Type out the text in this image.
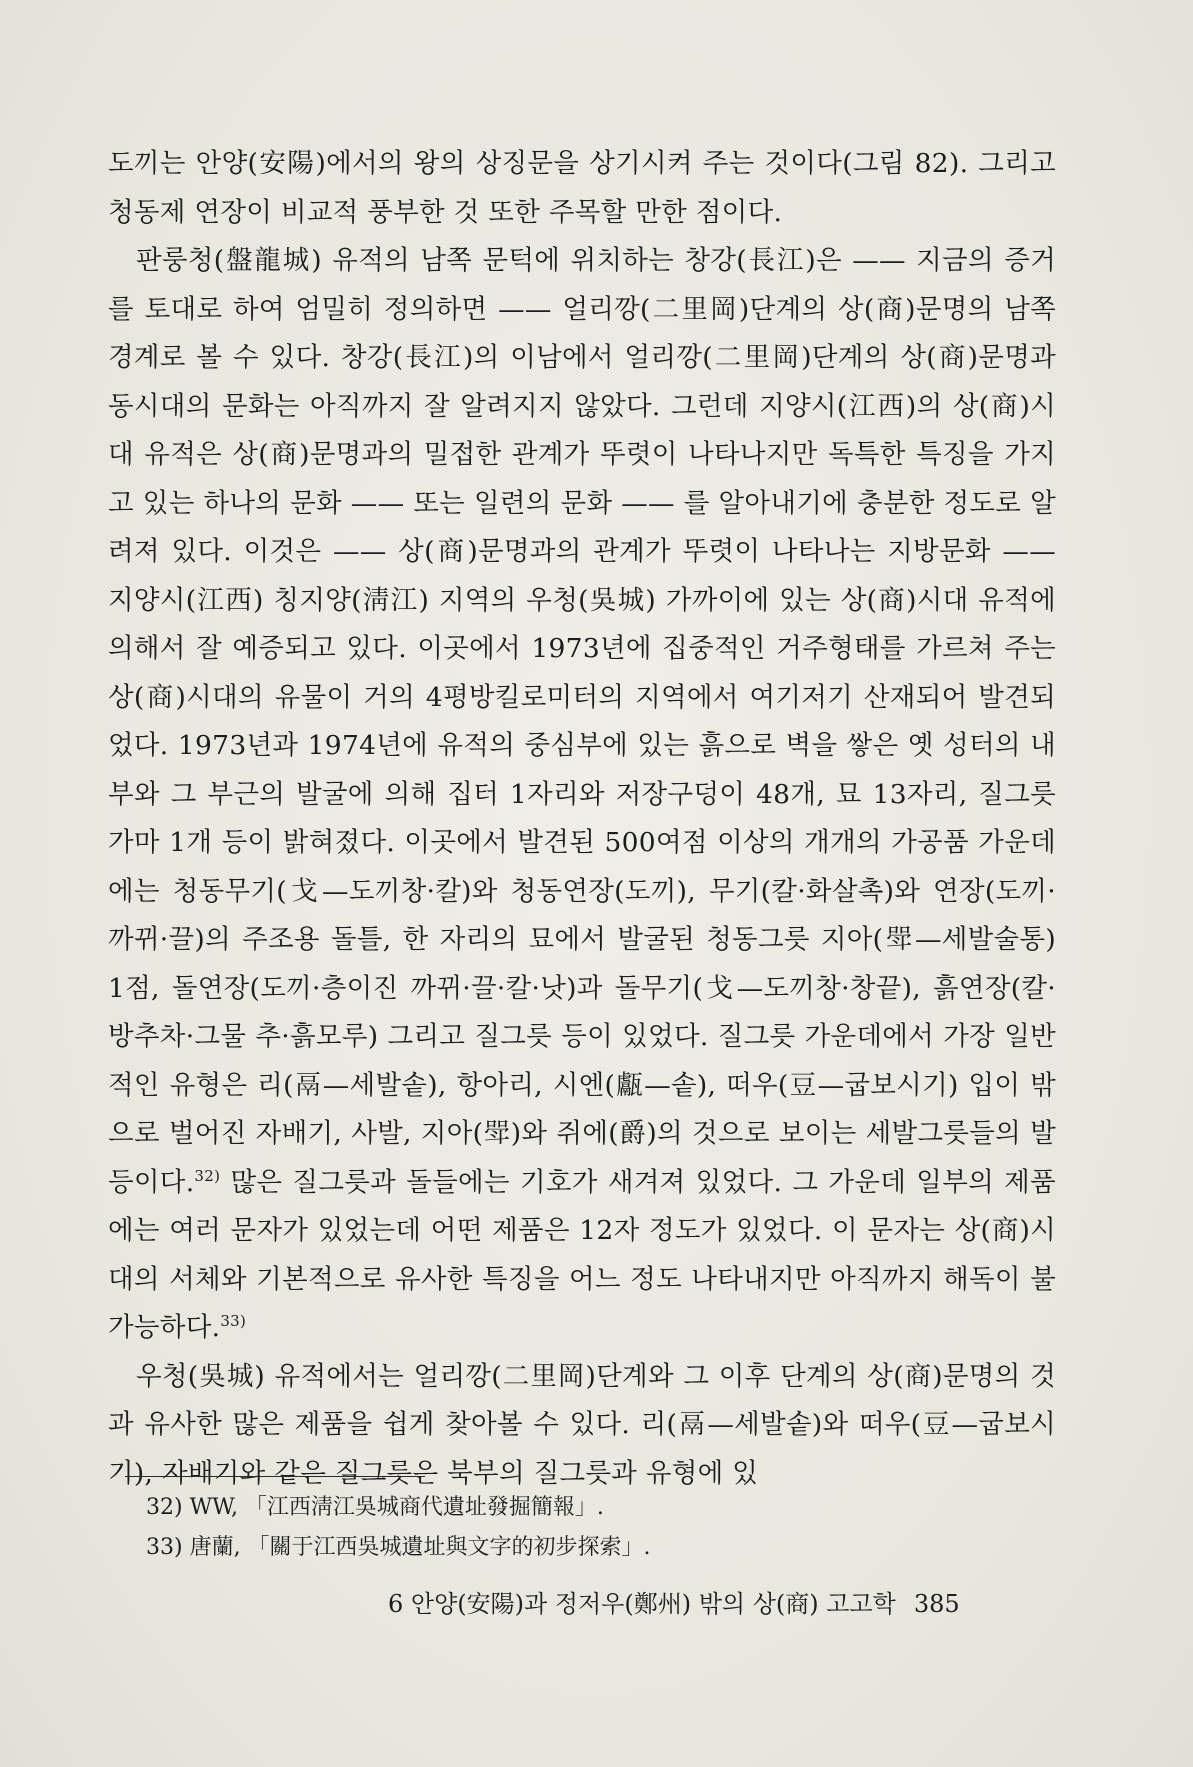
도끼는 안양(安陽)에서의 왕의 상징문을 상기시켜 주는 것이다(그림 82). 그리고 청동제 연장이 비교적 풍부한 것 또한 주목할 만한 점이다.

판룽청(盤龍城) 유적의 남쪽 문턱에 위치하는 창강(長江)은 —— 지금의 증거를 토대로 하여 엄밀히 정의하면 —— 얼리깡(二里岡)단계의 상(商)문명의 남쪽 경계로 볼 수 있다. 창강(長江)의 이남에서 얼리깡(二里岡)단계의 상(商)문명과 동시대의 문화는 아직까지 잘 알려지지 않았다. 그런데 지양시(江西)의 상(商)시대 유적은 상(商)문명과의 밀접한 관계가 뚜렷이 나타나지만 독특한 특징을 가지고 있는 하나의 문화 —— 또는 일련의 문화 —— 를 알아내기에 충분한 정도로 알려져 있다. 이것은 —— 상(商)문명과의 관계가 뚜렷이 나타나는 지방문화 —— 지양시(江西) 칭지양(淸江) 지역의 우청(吳城) 가까이에 있는 상(商)시대 유적에 의해서 잘 예증되고 있다. 이곳에서 1973년에 집중적인 거주형태를 가르쳐 주는 상(商)시대의 유물이 거의 4평방킬로미터의 지역에서 여기저기 산재되어 발견되었다. 1973년과 1974년에 유적의 중심부에 있는 흙으로 벽을 쌓은 옛 성터의 내부와 그 부근의 발굴에 의해 집터 1자리와 저장구덩이 48개, 묘 13자리, 질그릇가마 1개 등이 밝혀졌다. 이곳에서 발견된 500여점 이상의 개개의 가공품 가운데에는 청동무기(戈—도끼창·칼)와 청동연장(도끼), 무기(칼·화살촉)와 연장(도끼·까뀌·끌)의 주조용 돌틀, 한 자리의 묘에서 발굴된 청동그릇 지아(斝—세발술통) 1점, 돌연장(도끼·층이진 까뀌·끌·칼·낫)과 돌무기(戈—도끼창·창끝), 흙연장(칼·방추차·그물 추·흙모루) 그리고 질그릇 등이 있었다. 질그릇 가운데에서 가장 일반적인 유형은 리(鬲—세발솥), 항아리, 시엔(甗—솥), 떠우(豆—굽보시기) 입이 밖으로 벌어진 자배기, 사발, 지아(斝)와 쥐에(爵)의 것으로 보이는 세발그릇들의 발 등이다.$^{32)}$ 많은 질그릇과 돌들에는 기호가 새겨져 있었다. 그 가운데 일부의 제품에는 여러 문자가 있었는데 어떤 제품은 12자 정도가 있었다. 이 문자는 상(商)시대의 서체와 기본적으로 유사한 특징을 어느 정도 나타내지만 아직까지 해독이 불가능하다.$^{33)}$

우청(吳城) 유적에서는 얼리깡(二里岡)단계와 그 이후 단계의 상(商)문명의 것과 유사한 많은 제품을 쉽게 찾아볼 수 있다. 리(鬲—세발솥)와 떠우(豆—굽보시기), 자배기와 같은 질그릇은 북부의 질그릇과 유형에 있

32) WW, 「江西淸江吳城商代遺址發掘簡報」.

33) 唐蘭, 「關于江西吳城遺址與文字的初步探索」.

6 안양(安陽)과 정저우(鄭州) 밖의 상(商) 고고학 385
